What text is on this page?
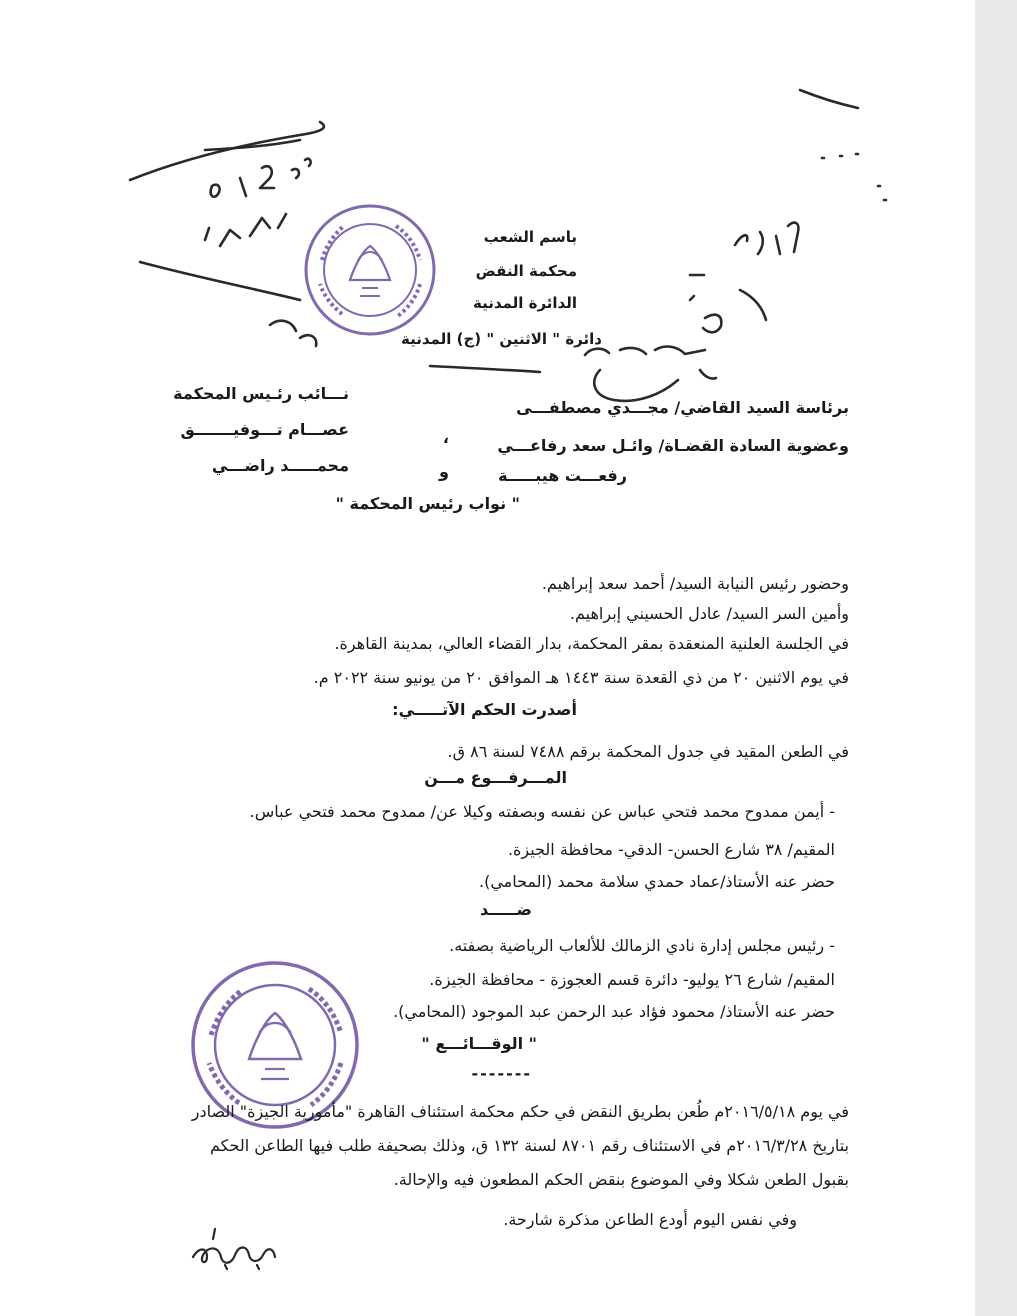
باسم الشعب
محكمة النقض
الدائرة المدنية
دائرة " الاثنين " (ج) المدنية
برئاسة السيد القاضي/ مجـــدي مصطفـــى
نـــائب رئـيس المحكمة
وعضوية السادة القضـاة/ وائـل سعد رفاعـــي
عصـــام تـــوفيـــــــق	،
رفعـــت هيبـــــة
و
محمـــــد راضـــي
" نواب رئيس المحكمة "
وحضور رئيس النيابة السيد/ أحمد سعد إبراهيم.
وأمين السر السيد/ عادل الحسيني إبراهيم.
في الجلسة العلنية المنعقدة بمقر المحكمة، بدار القضاء العالي، بمدينة القاهرة.
في يوم الاثنين ٢٠ من ذي القعدة سنة ١٤٤٣ هـ الموافق ٢٠ من يونيو سنة ٢٠٢٢ م.
أصدرت الحكم الآتـــــي:
في الطعن المقيد في جدول المحكمة برقم ٧٤٨٨ لسنة ٨٦ ق.
المـــرفـــوع مـــن
- أيمن ممدوح محمد فتحي عباس عن نفسه وبصفته وكيلا عن/ ممدوح محمد فتحي عباس.
المقيم/ ٣٨ شارع الحسن- الدقي- محافظة الجيزة.
حضر عنه الأستاذ/عماد حمدي سلامة محمد (المحامي).
ضـــــد
- رئيس مجلس إدارة نادي الزمالك للألعاب الرياضية بصفته.
المقيم/ شارع ٢٦ يوليو- دائرة قسم العجوزة - محافظة الجيزة.
حضر عنه الأستاذ/ محمود فؤاد عبد الرحمن عبد الموجود (المحامي).
" الوقـــائـــع "
-------
في يوم ٢٠١٦/٥/١٨م طُعن بطريق النقض في حكم محكمة استئناف القاهرة "مأمورية الجيزة" الصادر
بتاريخ ٢٠١٦/٣/٢٨م في الاستئناف رقم ٨٧٠١ لسنة ١٣٢ ق، وذلك بصحيفة طلب فيها الطاعن الحكم
بقبول الطعن شكلا وفي الموضوع بنقض الحكم المطعون فيه والإحالة.
وفي نفس اليوم أودع الطاعن مذكرة شارحة.
